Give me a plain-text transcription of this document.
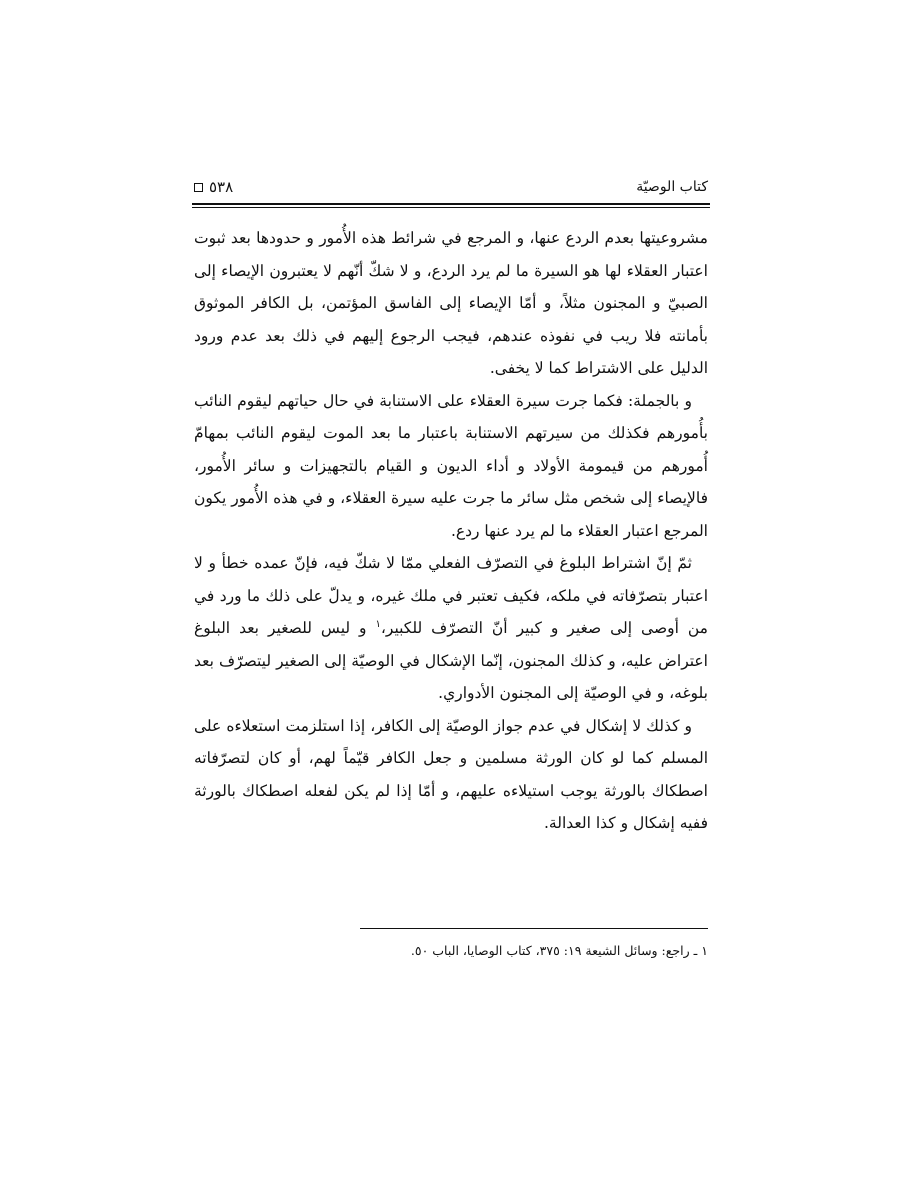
كتاب الوصيّة
٥٣٨

مشروعيتها بعدم الردع عنها، و المرجع في شرائط هذه الأُمور و حدودها بعد ثبوت اعتبار العقلاء لها هو السيرة ما لم يرد الردع، و لا شكّ أنّهم لا يعتبرون الإيصاء إلى الصبيّ و المجنون مثلاً، و أمّا الإيصاء إلى الفاسق المؤتمن، بل الكافر الموثوق بأمانته فلا ريب في نفوذه عندهم، فيجب الرجوع إليهم في ذلك بعد عدم ورود الدليل على الاشتراط كما لا يخفى.

و بالجملة: فكما جرت سيرة العقلاء على الاستنابة في حال حياتهم ليقوم النائب بأُمورهم فكذلك من سيرتهم الاستنابة باعتبار ما بعد الموت ليقوم النائب بمهامّ أُمورهم من قيمومة الأولاد و أداء الديون و القيام بالتجهيزات و سائر الأُمور، فالإيصاء إلى شخص مثل سائر ما جرت عليه سيرة العقلاء، و في هذه الأُمور يكون المرجع اعتبار العقلاء ما لم يرد عنها ردع.

ثمّ إنّ اشتراط البلوغ في التصرّف الفعلي ممّا لا شكّ فيه، فإنّ عمده خطأ و لا اعتبار بتصرّفاته في ملكه، فكيف تعتبر في ملك غيره، و يدلّ على ذلك ما ورد في من أوصى إلى صغير و كبير أنّ التصرّف للكبير،$^١$ و ليس للصغير بعد البلوغ اعتراض عليه، و كذلك المجنون، إنّما الإشكال في الوصيّة إلى الصغير ليتصرّف بعد بلوغه، و في الوصيّة إلى المجنون الأدواري.

و كذلك لا إشكال في عدم جواز الوصيّة إلى الكافر، إذا استلزمت استعلاءه على المسلم كما لو كان الورثة مسلمين و جعل الكافر قيّماً لهم، أو كان لتصرّفاته اصطكاك بالورثة يوجب استيلاءه عليهم، و أمّا إذا لم يكن لفعله اصطكاك بالورثة ففيه إشكال و كذا العدالة.

١ ـ راجع: وسائل الشيعة ١٩: ٣٧٥، كتاب الوصايا، الباب ٥٠.
